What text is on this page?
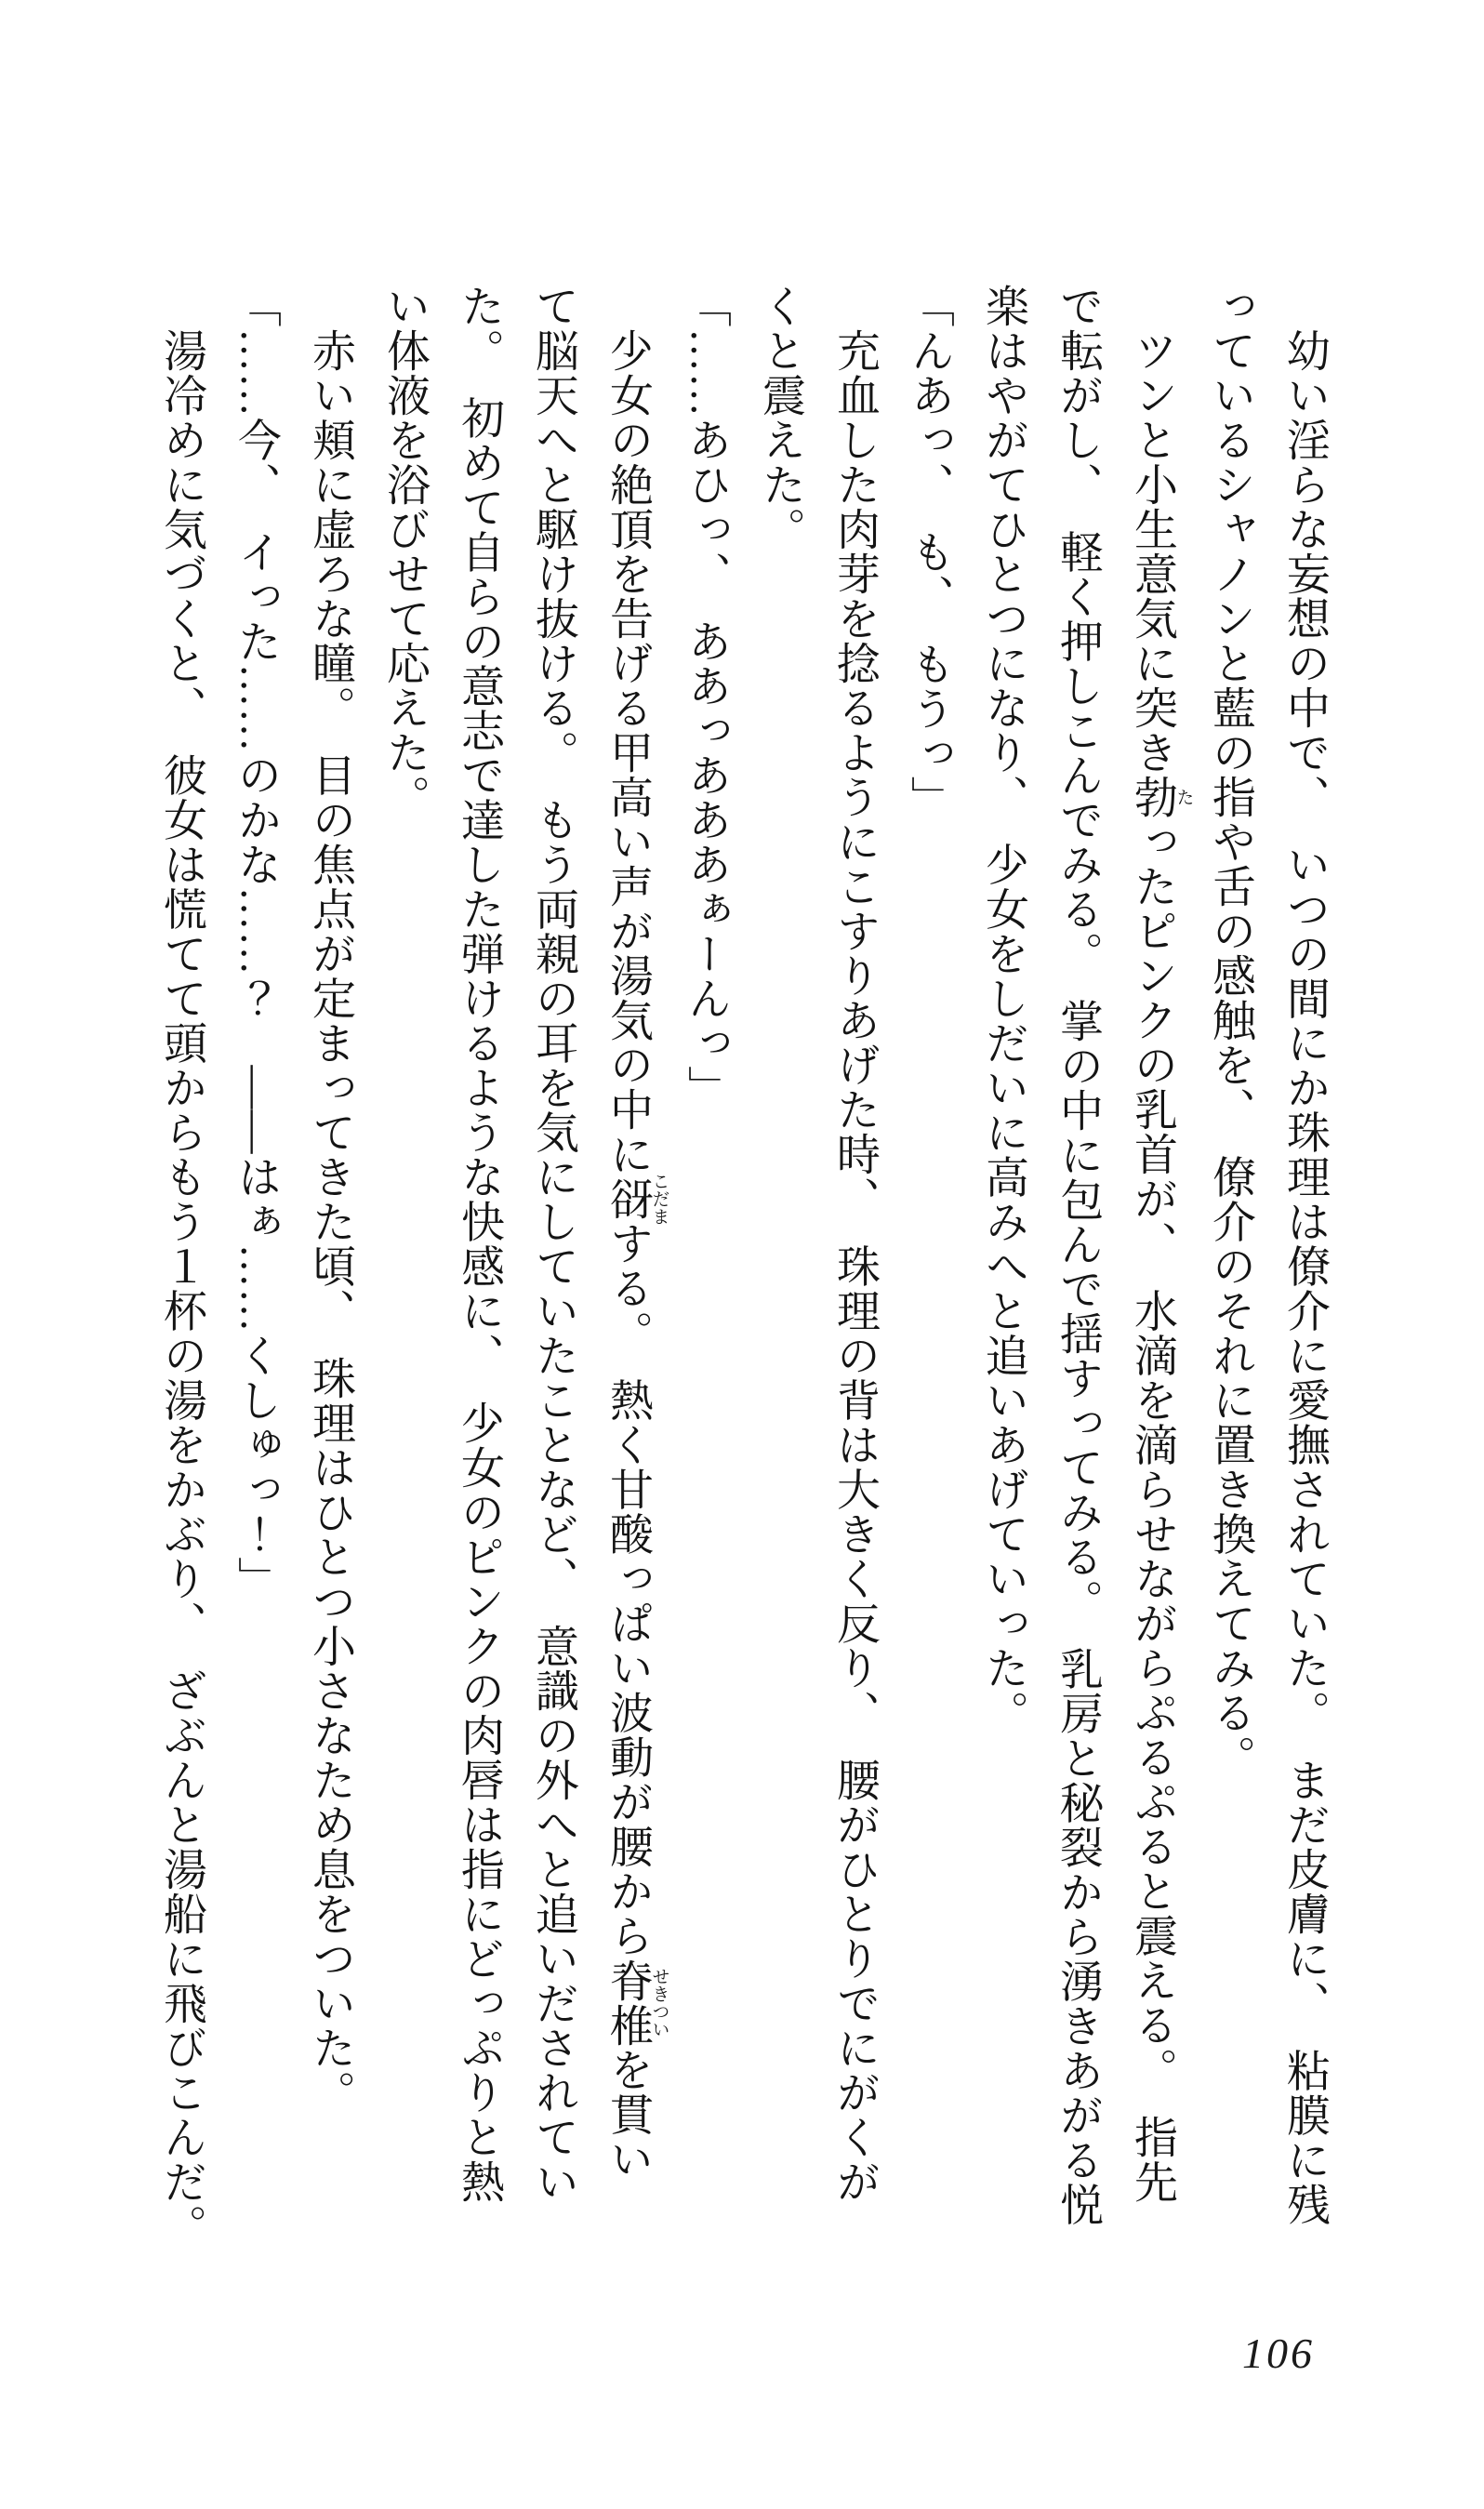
幼い淫らな妄想の中で、　いつの間にか珠理は僚介に愛撫されていた。　まだ皮膚に、　粘膜に残
っているシャノンと藍の指や舌の感触を、　僚介のそれに置き換えてみる。
ツンと小生意気に突き勃たったピンクの乳首が、　水滴を滴らせながらぷるぷると震える。　指先
で転がし、　軽く押しこんでみる。　掌の中に包んで揺すってみる。　乳房と秘裂から湧きあがる悦
楽はやがてひとつになり、　少女をしだいに高みへと追いあげていった。
「んあっ、　も、　もうっ」
充血した肉芽を捻るようにこすりあげた時、　珠理の背は大きく反り、　腰がひとりでにがくが
くと震えた。
「……あひっ、　ああっあああぁーんっ」
少女の絶頂を告げる甲高い声が湯気の中に谺こだまする。　熱く甘酸っぱい波動が腰から脊椎せきついを貫い
て脳天へと駆け抜ける。　もう両親の耳を気にしていたことなど、　意識の外へと追いだされてい
た。　初めて自らの意志で達した弾けるような快感に、　少女のピンクの肉唇は指にどっぷりと熱
い体液を浴びせて応えた。
赤い頬に虚ろな瞳。　目の焦点が定まってきた頃、　珠理はひとつ小さなため息をついた。
「……今、　イった……のかな……？　――はぁ……くしゅっ！」
湯冷めに気づくと、　彼女は慌てて頭からもう１杯の湯をかぶり、　ざぶんと湯船に飛びこんだ。
106
